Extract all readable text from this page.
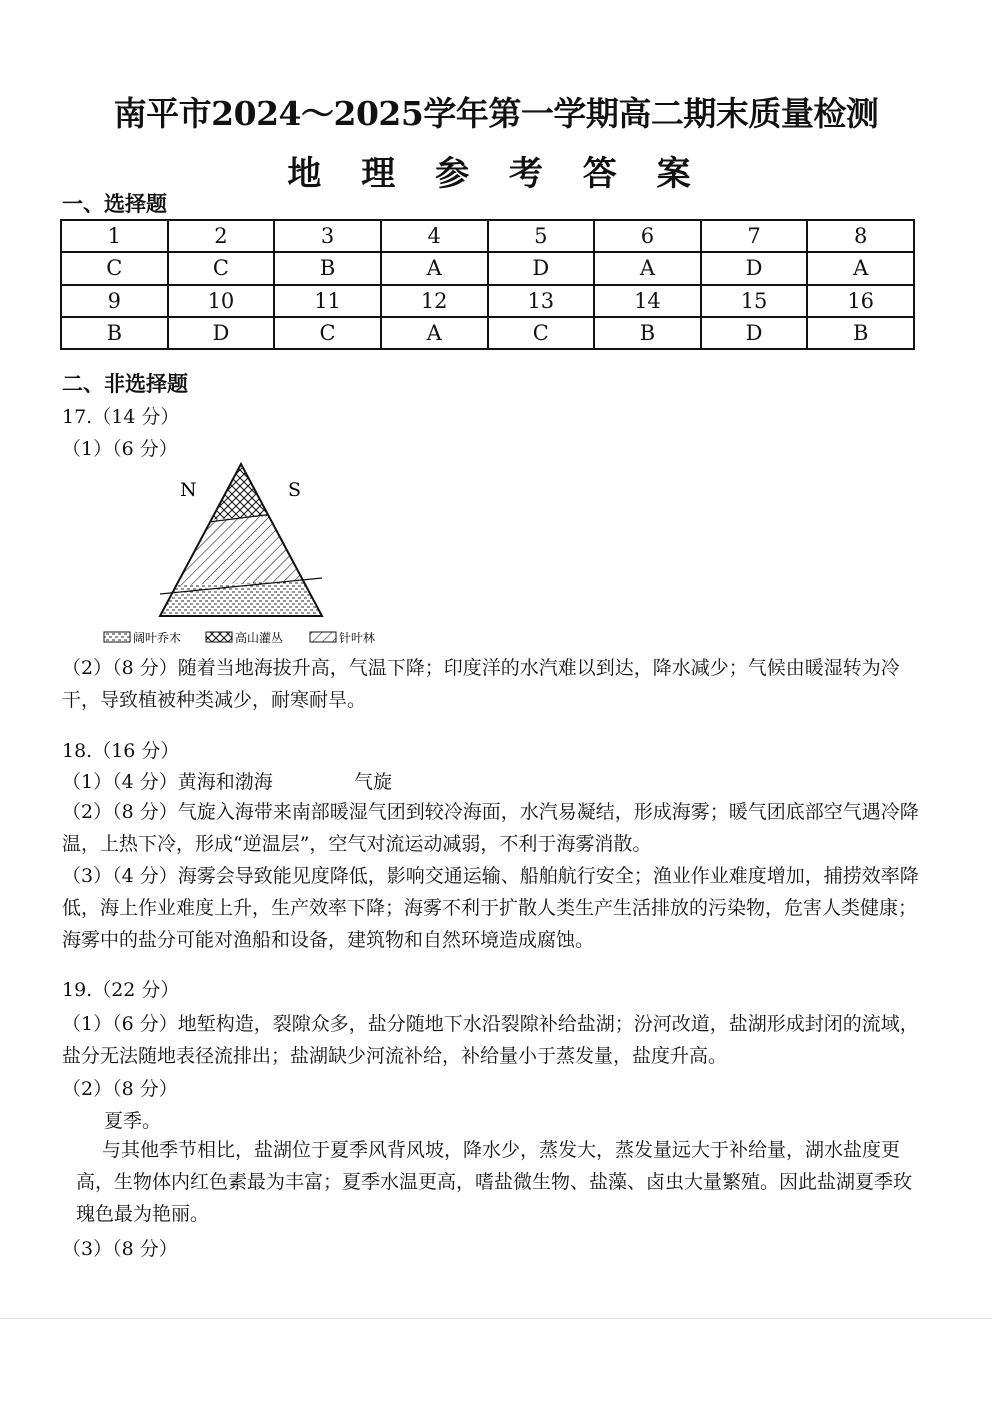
南平市2024～2025学年第一学期高二期末质量检测
地 理 参 考 答 案
一、选择题
1	2	3	4	5	6	7	8
C	C	B	A	D	A	D	A
9	10	11	12	13	14	15	16
B	D	C	A	C	B	D	B
二、非选择题
17.（14 分）
（1）（6 分）
N	S
阔叶乔木	高山灌丛	针叶林
（2）（8 分）随着当地海拔升高，气温下降；印度洋的水汽难以到达，降水减少；气候由暖湿转为冷干，导致植被种类减少，耐寒耐旱。
18.（16 分）
（1）（4 分）黄海和渤海	气旋
（2）（8 分）气旋入海带来南部暖湿气团到较冷海面，水汽易凝结，形成海雾；暖气团底部空气遇冷降温，上热下冷，形成“逆温层”，空气对流运动减弱，不利于海雾消散。
（3）（4 分）海雾会导致能见度降低，影响交通运输、船舶航行安全；渔业作业难度增加，捕捞效率降低，海上作业难度上升，生产效率下降；海雾不利于扩散人类生产生活排放的污染物，危害人类健康；海雾中的盐分可能对渔船和设备，建筑物和自然环境造成腐蚀。
19.（22 分）
（1）（6 分）地堑构造，裂隙众多，盐分随地下水沿裂隙补给盐湖；汾河改道，盐湖形成封闭的流域，盐分无法随地表径流排出；盐湖缺少河流补给，补给量小于蒸发量，盐度升高。
（2）（8 分）
夏季。
与其他季节相比，盐湖位于夏季风背风坡，降水少，蒸发大，蒸发量远大于补给量，湖水盐度更高，生物体内红色素最为丰富；夏季水温更高，嗜盐微生物、盐藻、卤虫大量繁殖。因此盐湖夏季玫瑰色最为艳丽。
（3）（8 分）
